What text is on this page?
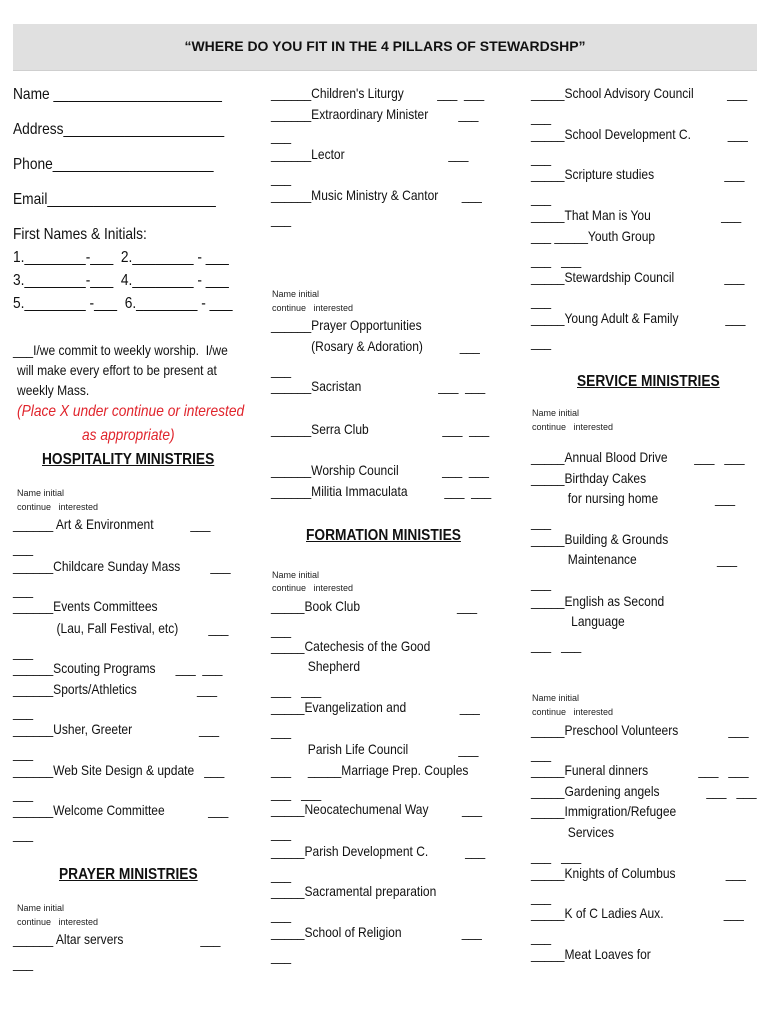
“WHERE DO YOU FIT IN THE 4 PILLARS OF STEWARDSHP”
Name ______________________
Address_____________________
Phone_____________________
Email______________________
First Names & Initials:
1.________-___  2.________ - ___
3.________-___  4.________ - ___
5.________ -___  6.________ - ___
___I/we commit to weekly worship.  I/we
will make every effort to be present at
weekly Mass.
(Place X under continue or interested
as appropriate)
HOSPITALITY MINISTRIES
Name initial
continue   interested
______ Art & Environment           ___
___
______Childcare Sunday Mass         ___
___
______Events Committees
(Lau, Fall Festival, etc)         ___
___
______Scouting Programs      ___  ___
______Sports/Athletics                  ___
___
______Usher, Greeter                    ___
___
______Web Site Design & update   ___
___
______Welcome Committee             ___
___
PRAYER MINISTRIES
Name initial
continue   interested
______ Altar servers                       ___
___
______Children's Liturgy          ___  ___
______Extraordinary Minister         ___
___
______Lector                               ___
___
______Music Ministry & Cantor       ___
___
Name initial
continue   interested
______Prayer Opportunities
(Rosary & Adoration)           ___
___
______Sacristan                       ___  ___
______Serra Club                      ___  ___
______Worship Council             ___  ___
______Militia Immaculata           ___  ___
FORMATION MINISTIES
Name initial
continue   interested
_____Book Club                             ___
___
_____Catechesis of the Good
Shepherd
___   ___
_____Evangelization and                ___
___
Parish Life Council               ___
___     _____Marriage Prep. Couples
___   ___
_____Neocatechumenal Way          ___
___
_____Parish Development C.           ___
___
_____Sacramental preparation
___
_____School of Religion                  ___
___
_____School Advisory Council          ___
___
_____School Development C.           ___
___
_____Scripture studies                     ___
___
_____That Man is You                     ___
___ _____Youth Group
___   ___
_____Stewardship Council               ___
___
_____Young Adult & Family              ___
___
SERVICE MINISTRIES
Name initial
continue   interested
_____Annual Blood Drive        ___   ___
_____Birthday Cakes
for nursing home                 ___
___
_____Building & Grounds
Maintenance                        ___
___
_____English as Second
Language
___   ___
Name initial
continue   interested
_____Preschool Volunteers               ___
___
_____Funeral dinners               ___   ___
_____Gardening angels              ___   ___
_____Immigration/Refugee
Services
___   ___
_____Knights of Columbus               ___
___
_____K of C Ladies Aux.                  ___
___
_____Meat Loaves for
